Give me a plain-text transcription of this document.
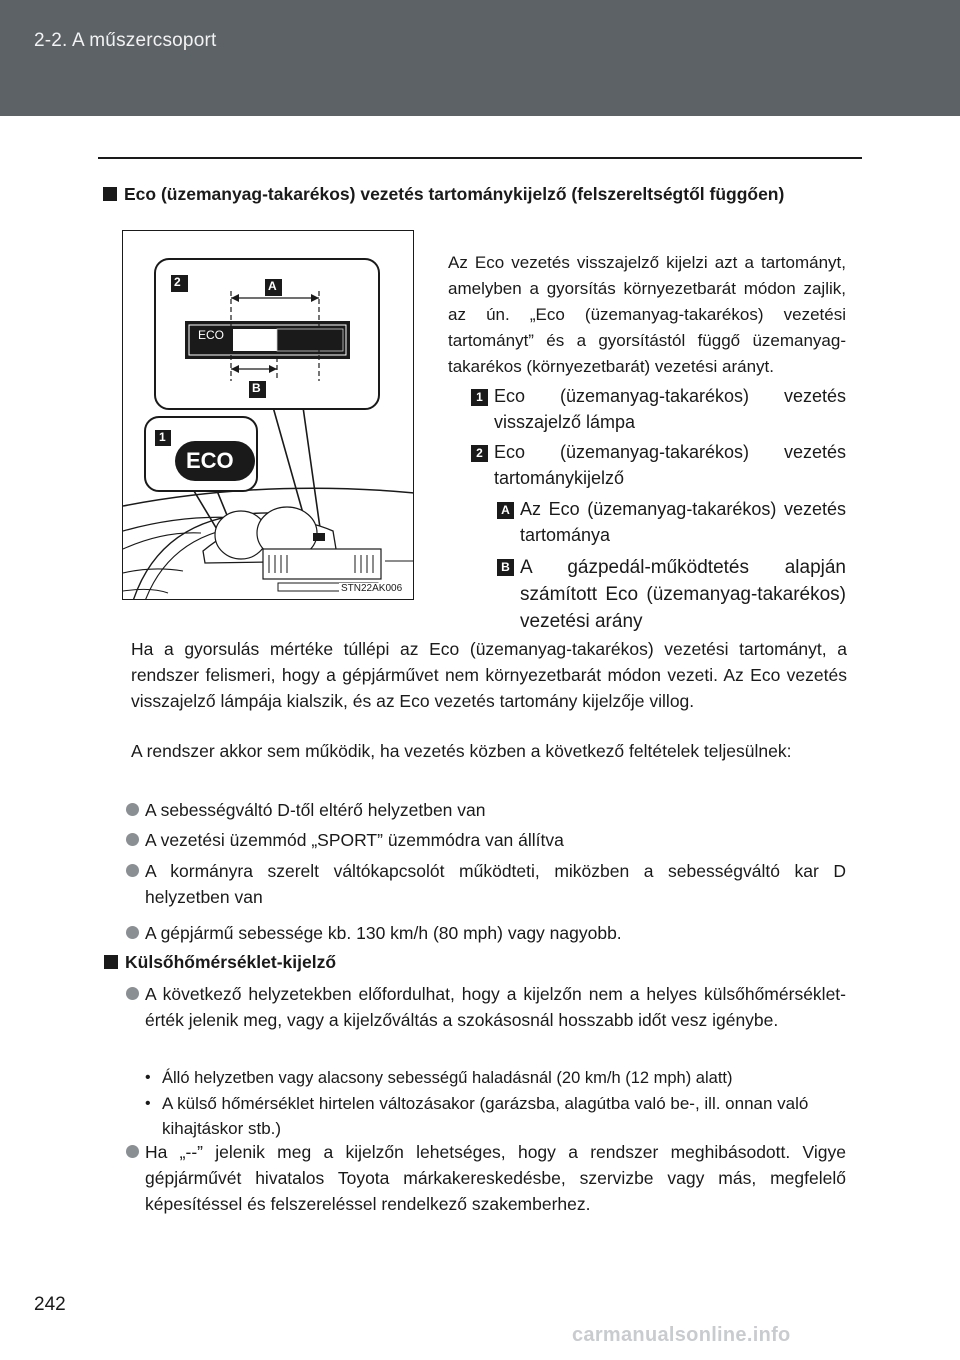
2-2. A műszercsoport
Eco (üzemanyag-takarékos) vezetés tartománykijelző (felszereltségtől függően)
ECO
ECO
2	A
B
1
STN22AK006
Az Eco vezetés visszajelző kijelzi azt a tartományt, amelyben a gyorsítás környezetbarát módon zajlik, az ún. „Eco (üzemanyag-takarékos) vezetési tartományt” és a gyorsítástól függő üzemanyag-takarékos (környezetbarát) vezetési arányt.
1 Eco (üzemanyag-takarékos) vezetés visszajelző lámpa
2 Eco (üzemanyag-takarékos) vezetés tartománykijelző
A Az Eco (üzemanyag-takarékos) vezetés tartománya
B A gázpedál-működtetés alapján számított Eco (üzemanyag-takarékos) vezetési arány
Ha a gyorsulás mértéke túllépi az Eco (üzemanyag-takarékos) vezetési tartományt, a rendszer felismeri, hogy a gépjárművet nem környezetbarát módon vezeti. Az Eco vezetés visszajelző lámpája kialszik, és az Eco vezetés tartomány kijelzője villog.
A rendszer akkor sem működik, ha vezetés közben a következő feltételek teljesülnek:
A sebességváltó D-től eltérő helyzetben van
A vezetési üzemmód „SPORT” üzemmódra van állítva
A kormányra szerelt váltókapcsolót működteti, miközben a sebességváltó kar D helyzetben van
A gépjármű sebessége kb. 130 km/h (80 mph) vagy nagyobb.
Külsőhőmérséklet-kijelző
A következő helyzetekben előfordulhat, hogy a kijelzőn nem a helyes külsőhőmérséklet-érték jelenik meg, vagy a kijelzőváltás a szokásosnál hosszabb időt vesz igénybe.
• Álló helyzetben vagy alacsony sebességű haladásnál (20 km/h (12 mph) alatt)
• A külső hőmérséklet hirtelen változásakor (garázsba, alagútba való be-, ill. onnan való kihajtáskor stb.)
Ha „--” jelenik meg a kijelzőn lehetséges, hogy a rendszer meghibásodott. Vigye gépjárművét hivatalos Toyota márkakereskedésbe, szervizbe vagy más, megfelelő képesítéssel és felszereléssel rendelkező szakemberhez.
242
carmanualsonline.info
